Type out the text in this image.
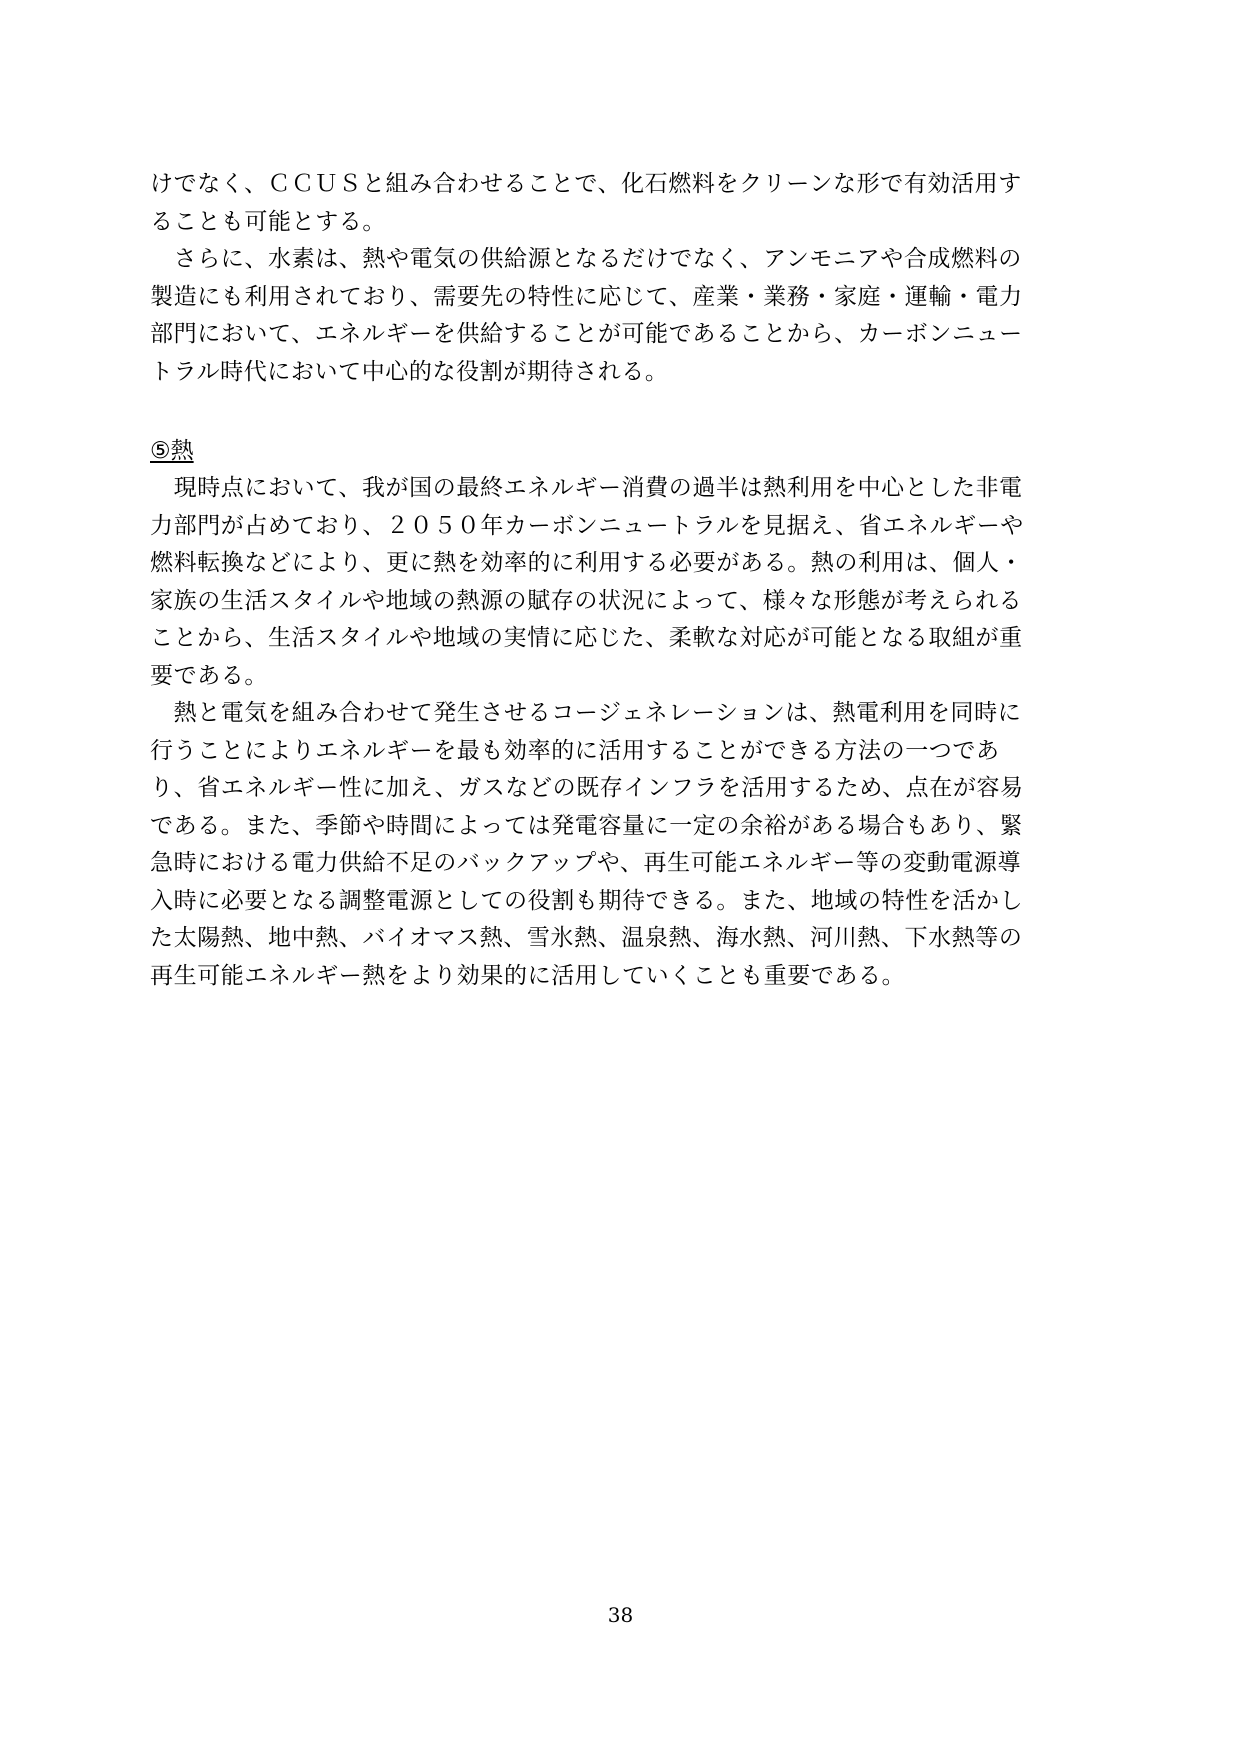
けでなく、ＣＣＵＳと組み合わせることで、化石燃料をクリーンな形で有効活用す
ることも可能とする。
　さらに、水素は、熱や電気の供給源となるだけでなく、アンモニアや合成燃料の
製造にも利用されており、需要先の特性に応じて、産業・業務・家庭・運輸・電力
部門において、エネルギーを供給することが可能であることから、カーボンニュー
トラル時代において中心的な役割が期待される。
⑤熱
　現時点において、我が国の最終エネルギー消費の過半は熱利用を中心とした非電
力部門が占めており、２０５０年カーボンニュートラルを見据え、省エネルギーや
燃料転換などにより、更に熱を効率的に利用する必要がある。熱の利用は、個人・
家族の生活スタイルや地域の熱源の賦存の状況によって、様々な形態が考えられる
ことから、生活スタイルや地域の実情に応じた、柔軟な対応が可能となる取組が重
要である。
　熱と電気を組み合わせて発生させるコージェネレーションは、熱電利用を同時に
行うことによりエネルギーを最も効率的に活用することができる方法の一つであ
り、省エネルギー性に加え、ガスなどの既存インフラを活用するため、点在が容易
である。また、季節や時間によっては発電容量に一定の余裕がある場合もあり、緊
急時における電力供給不足のバックアップや、再生可能エネルギー等の変動電源導
入時に必要となる調整電源としての役割も期待できる。また、地域の特性を活かし
た太陽熱、地中熱、バイオマス熱、雪氷熱、温泉熱、海水熱、河川熱、下水熱等の
再生可能エネルギー熱をより効果的に活用していくことも重要である。
38
